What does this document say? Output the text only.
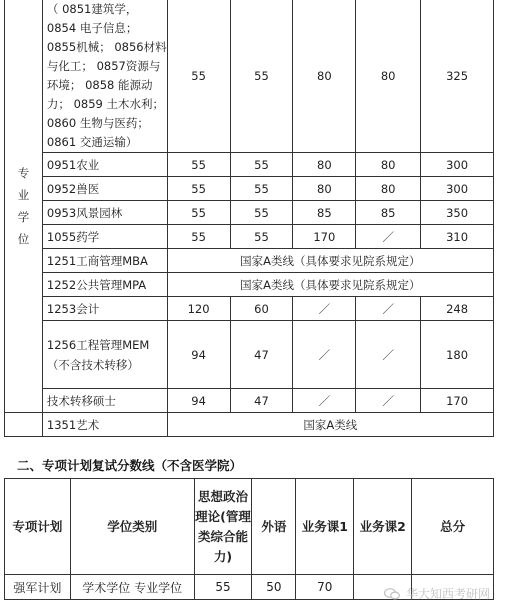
专
业
学
位	（ 0851建筑学， 0854 电子信息； 0855机械； 0856材料与化工； 0857资源与环境； 0858 能源动力； 0859 土木水利； 0860 生物与医药； 0861 交通运输）	55	55	80	80	325
	0951农业	55	55	80	80	300
	0952兽医	55	55	80	80	300
	0953风景园林	55	55	85	85	350
	1055药学	55	55	170	／	310
	1251工商管理MBA	国家A类线（具体要求见院系规定）				
	1252公共管理MPA	国家A类线（具体要求见院系规定）				
	1253会计	120	60	／	／	248
	1256工程管理MEM（不含技术转移）	94	47	／	／	180
	技术转移硕士	94	47	／	／	170
	1351艺术	国家A类线				
二、专项计划复试分数线（不含医学院）
专项计划	学位类别	思想政治理论(管理类综合能力)	外语	业务课1	业务课2	总分
强军计划	学术学位 专业学位	55	50	70			华大知西考研网
